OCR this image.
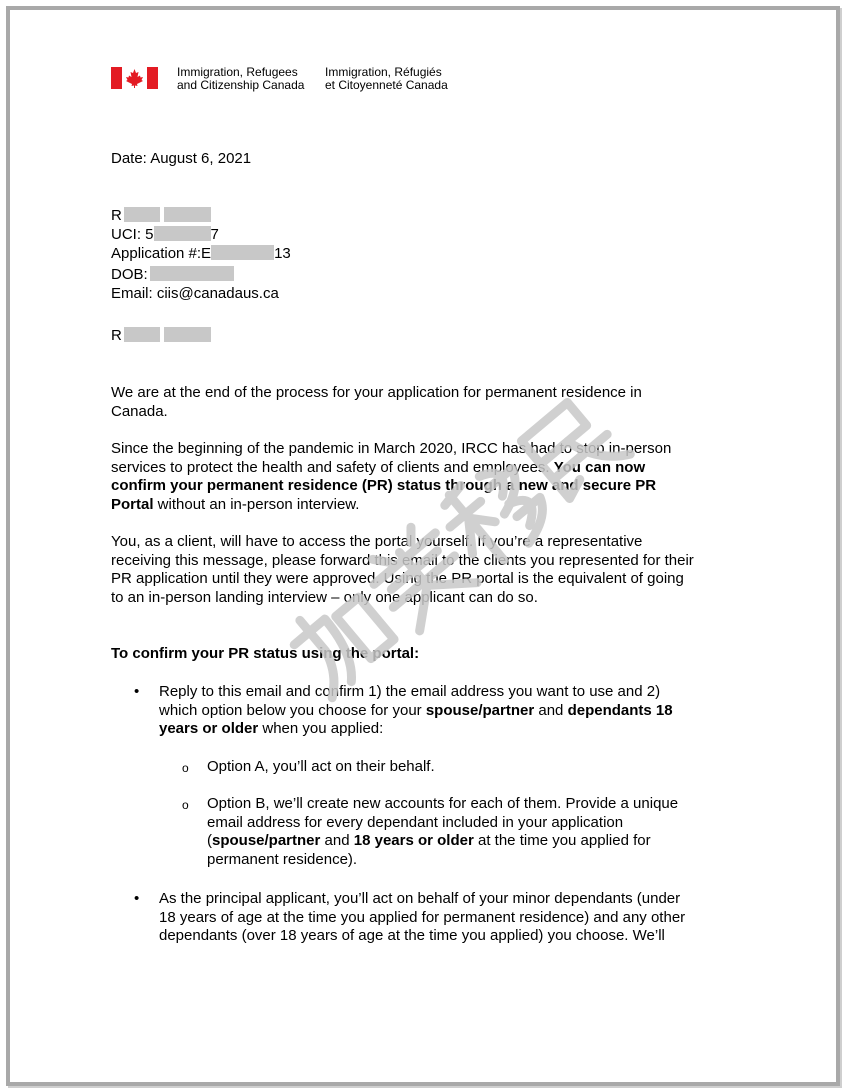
Immigration, Refugees
and Citizenship Canada
Immigration, Réfugiés
et Citoyenneté Canada
Date: August 6, 2021
R
UCI: 5	7
Application #:E	13
DOB:
Email: ciis@canadaus.ca
R
We are at the end of the process for your application for permanent residence in
Canada.
Since the beginning of the pandemic in March 2020, IRCC has had to stop in-person
services to protect the health and safety of clients and employees. You can now
confirm your permanent residence (PR) status through a new and secure PR
Portal without an in-person interview.
You, as a client, will have to access the portal yourself. If you’re a representative
receiving this message, please forward this email to the clients you represented for their
PR application until they were approved. Using the PR portal is the equivalent of going
to an in-person landing interview – only one applicant can do so.
To confirm your PR status using the portal:
• Reply to this email and confirm 1) the email address you want to use and 2)
which option below you choose for your spouse/partner and dependants 18
years or older when you applied:
o Option A, you’ll act on their behalf.
o Option B, we’ll create new accounts for each of them. Provide a unique
email address for every dependant included in your application
(spouse/partner and 18 years or older at the time you applied for
permanent residence).
• As the principal applicant, you’ll act on behalf of your minor dependants (under
18 years of age at the time you applied for permanent residence) and any other
dependants (over 18 years of age at the time you applied) you choose. We’ll
